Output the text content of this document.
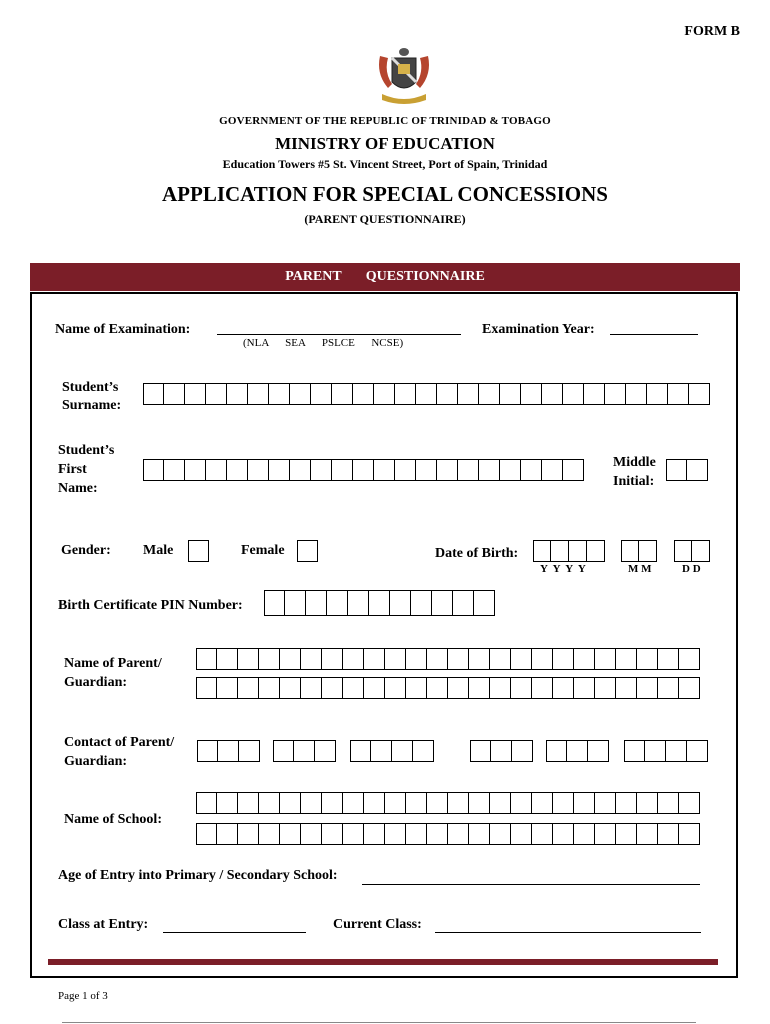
FORM B
GOVERNMENT OF THE REPUBLIC OF TRINIDAD & TOBAGO
MINISTRY OF EDUCATION
Education Towers #5 St. Vincent Street, Port of Spain, Trinidad
APPLICATION FOR SPECIAL CONCESSIONS
(PARENT QUESTIONNAIRE)
PARENT QUESTIONNAIRE
Name of Examination:
(NLA      SEA      PSLCE      NCSE)
Examination Year:
Student’s
Surname:
Student’s
First
Name:
Middle
Initial:
Gender: Male	Female	Date of Birth:
Y  Y  Y  Y	M M	D D
Birth Certificate PIN Number:
Name of Parent/
Guardian:
Contact of Parent/
Guardian:
Name of School:
Age of Entry into Primary / Secondary School:
Class at Entry:	Current Class:
Page 1 of 3
